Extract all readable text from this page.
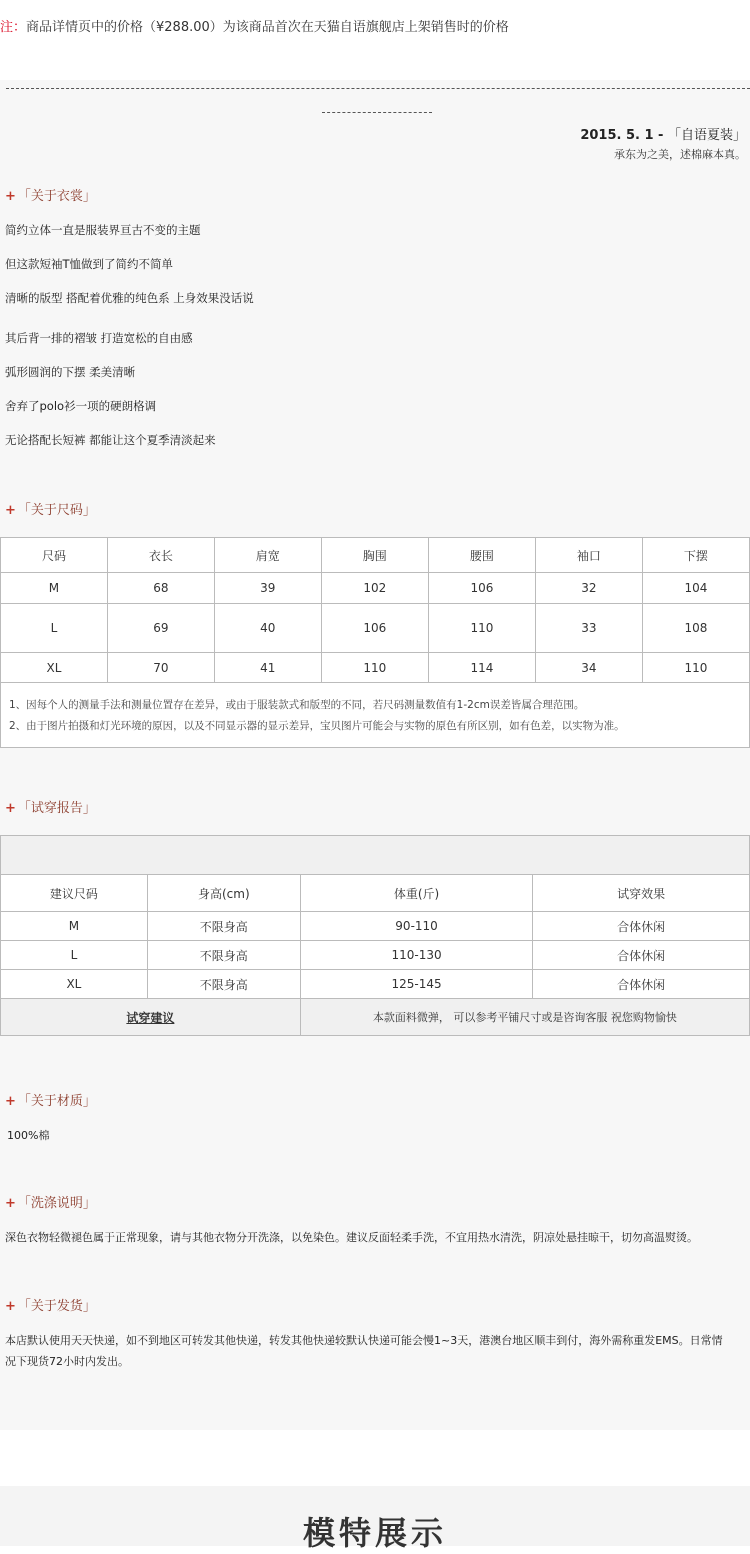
注：商品详情页中的价格（¥288.00）为该商品首次在天猫自语旗舰店上架销售时的价格
2015. 5. 1 - 「自语夏装」
承东为之美，述棉麻本真。
+ 「关于衣裳」
简约立体一直是服装界亘古不变的主题
但这款短袖T恤做到了简约不简单
清晰的版型 搭配着优雅的纯色系 上身效果没话说
其后背一排的褶皱 打造宽松的自由感
弧形圆润的下摆 柔美清晰
舍弃了polo衫一项的硬朗格调
无论搭配长短裤 都能让这个夏季清淡起来
+ 「关于尺码」
尺码	衣长	肩宽	胸围	腰围	袖口	下摆
M	68	39	102	106	32	104
L	69	40	106	110	33	108
XL	70	41	110	114	34	110
1、因每个人的测量手法和测量位置存在差异，或由于服装款式和版型的不同，若尺码测量数值有1-2cm误差皆属合理范围。
2、由于图片拍摄和灯光环境的原因，以及不同显示器的显示差异，宝贝图片可能会与实物的原色有所区别，如有色差，以实物为准。
+ 「试穿报告」
建议尺码	身高(cm)	体重(斤)	试穿效果
M	不限身高	90-110	合体休闲
L	不限身高	110-130	合体休闲
XL	不限身高	125-145	合体休闲
试穿建议		本款面料微弹， 可以参考平铺尺寸或是咨询客服 祝您购物愉快	
+ 「关于材质」
100%棉
+ 「洗涤说明」
深色衣物轻微褪色属于正常现象，请与其他衣物分开洗涤，以免染色。建议反面轻柔手洗，不宜用热水清洗，阴凉处悬挂晾干，切勿高温熨烫。
+ 「关于发货」
本店默认使用天天快递，如不到地区可转发其他快递，转发其他快递较默认快递可能会慢1~3天，港澳台地区顺丰到付，海外需称重发EMS。日常情
况下现货72小时内发出。
模特展示
